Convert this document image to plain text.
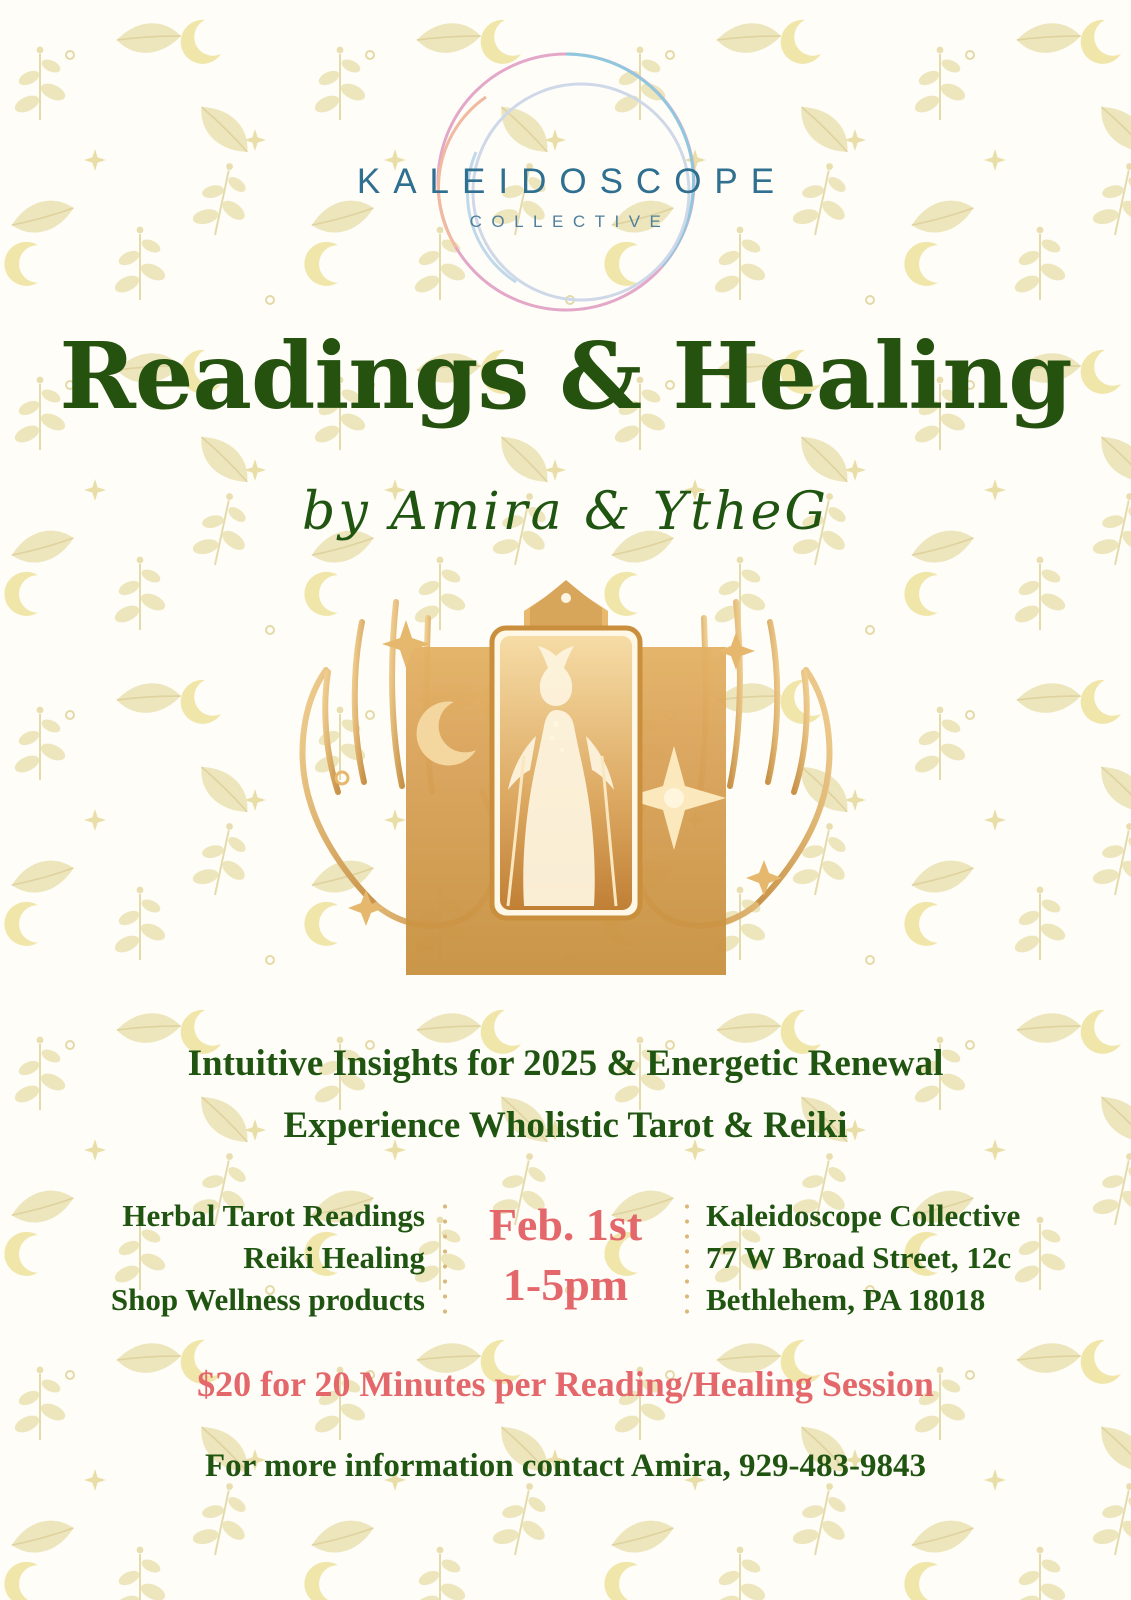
KALEIDOSCOPE
COLLECTIVE
Readings & Healing
by Amira & YtheG
Intuitive Insights for 2025 & Energetic Renewal
Experience Wholistic Tarot & Reiki
Herbal Tarot Readings
Reiki Healing
Shop Wellness products
Feb. 1st
1-5pm
Kaleidoscope Collective
77 W Broad Street, 12c
Bethlehem, PA 18018
$20 for 20 Minutes per Reading/Healing Session
For more information contact Amira, 929-483-9843
